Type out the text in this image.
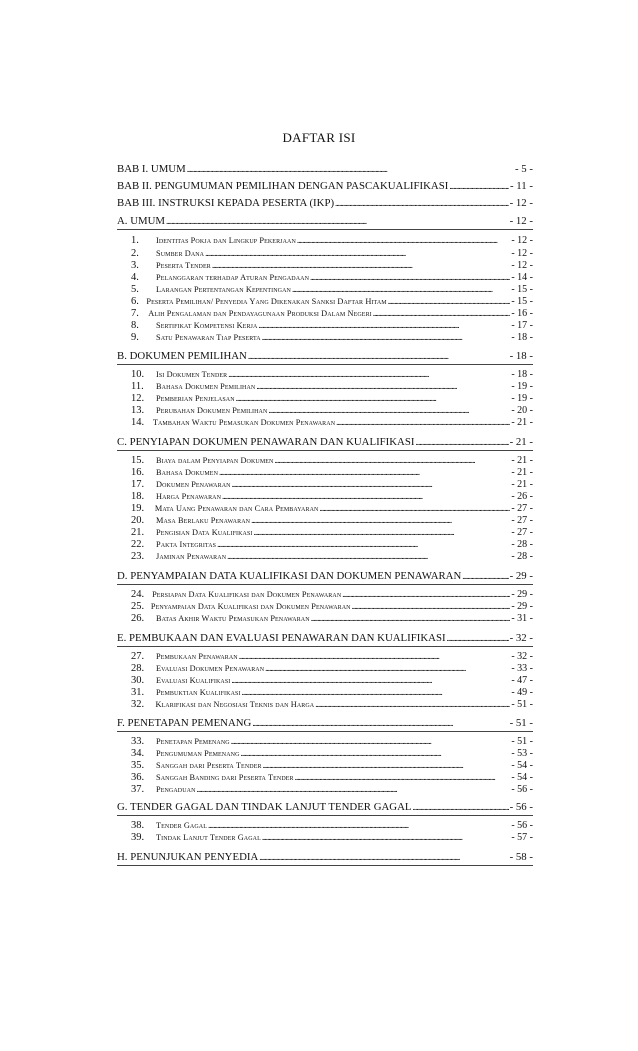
DAFTAR ISI
BAB I. UMUM . . .	- 5 -
BAB II. PENGUMUMAN PEMILIHAN DENGAN PASCAKUALIFIKASI . . .	- 11 -
BAB III. INSTRUKSI KEPADA PESERTA (IKP) . . .	- 12 -
A. UMUM . . .	- 12 -
1.	Identitas Pokja dan Lingkup Pekerjaan . . .	- 12 -
2.	Sumber Dana . . .	- 12 -
3.	Peserta Tender . . .	- 12 -
4.	Pelanggaran terhadap Aturan Pengadaan . . .	- 14 -
5.	Larangan Pertentangan Kepentingan . . .	- 15 -
6. Peserta Pemilihan/ Penyedia Yang Dikenakan Sanksi Daftar Hitam . . .	- 15 -
7.	Alih Pengalaman dan Pendayagunaan Produksi Dalam Negeri . . .	- 16 -
8.	Sertifikat Kompetensi Kerja . . .	- 17 -
9.	Satu Penawaran Tiap Peserta . . .	- 18 -
B. DOKUMEN PEMILIHAN . . .	- 18 -
10.	Isi Dokumen Tender . . .	- 18 -
11.	Bahasa Dokumen Pemilihan . . .	- 19 -
12.	Pemberian Penjelasan . . .	- 19 -
13.	Perubahan Dokumen Pemilihan . . .	- 20 -
14.	Tambahan Waktu Pemasukan Dokumen Penawaran . . .	- 21 -
C. PENYIAPAN DOKUMEN PENAWARAN DAN KUALIFIKASI . . .	- 21 -
15.	Biaya dalam Penyiapan Dokumen . . .	- 21 -
16.	Bahasa Dokumen . . .	- 21 -
17.	Dokumen Penawaran . . .	- 21 -
18.	Harga Penawaran . . .	- 26 -
19.	Mata Uang Penawaran dan Cara Pembayaran . . .	- 27 -
20.	Masa Berlaku Penawaran . . .	- 27 -
21.	Pengisian Data Kualifikasi . . .	- 27 -
22.	Pakta Integritas . . .	- 28 -
23.	Jaminan Penawaran . . .	- 28 -
D. PENYAMPAIAN DATA KUALIFIKASI DAN DOKUMEN PENAWARAN . . .	- 29 -
24. Persiapan Data Kualifikasi dan Dokumen Penawaran . . .	- 29 -
25. Penyampaian Data Kualifikasi dan Dokumen Penawaran . . .	- 29 -
26.	Batas Akhir Waktu Pemasukan Penawaran . . .	- 31 -
E. PEMBUKAAN DAN EVALUASI PENAWARAN DAN KUALIFIKASI . . .	- 32 -
27.	Pembukaan Penawaran . . .	- 32 -
28.	Evaluasi Dokumen Penawaran . . .	- 33 -
30.	Evaluasi Kualifikasi . . .	- 47 -
31.	Pembuktian Kualifikasi . . .	- 49 -
32.	Klarifikasi dan Negosiasi Teknis dan Harga . . .	- 51 -
F. PENETAPAN PEMENANG . . .	- 51 -
33.	Penetapan Pemenang . . .	- 51 -
34.	Pengumuman Pemenang . . .	- 53 -
35.	Sanggah dari Peserta Tender . . .	- 54 -
36.	Sanggah Banding dari Peserta Tender . . .	- 54 -
37.	Pengaduan . . .	- 56 -
G. TENDER GAGAL DAN TINDAK LANJUT TENDER GAGAL . . .	- 56 -
38.	Tender Gagal . . .	- 56 -
39.	Tindak Lanjut Tender Gagal . . .	- 57 -
H. PENUNJUKAN PENYEDIA . . .	- 58 -
